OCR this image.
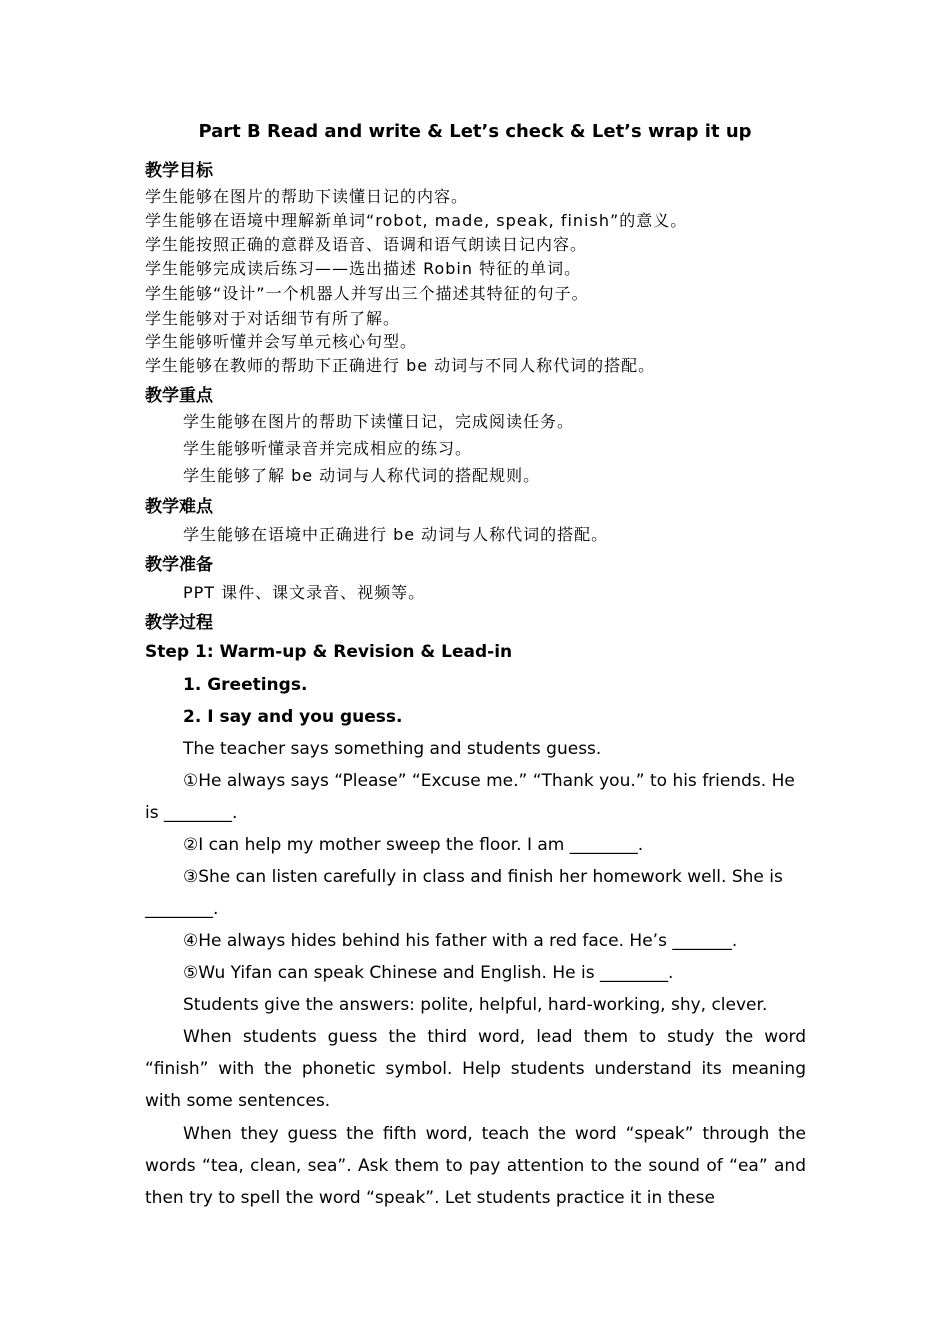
Part B Read and write & Let’s check & Let’s wrap it up
教学目标
学生能够在图片的帮助下读懂日记的内容。
学生能够在语境中理解新单词“robot, made, speak, finish”的意义。
学生能按照正确的意群及语音、语调和语气朗读日记内容。
学生能够完成读后练习——选出描述 Robin 特征的单词。
学生能够“设计”一个机器人并写出三个描述其特征的句子。
学生能够对于对话细节有所了解。
学生能够听懂并会写单元核心句型。
学生能够在教师的帮助下正确进行 be 动词与不同人称代词的搭配。
教学重点
学生能够在图片的帮助下读懂日记，完成阅读任务。
学生能够听懂录音并完成相应的练习。
学生能够了解 be 动词与人称代词的搭配规则。
教学难点
学生能够在语境中正确进行 be 动词与人称代词的搭配。
教学准备
PPT 课件、课文录音、视频等。
教学过程
Step 1: Warm-up & Revision & Lead-in
1. Greetings.
2. I say and you guess.
The teacher says something and students guess.
①He always says “Please” “Excuse me.” “Thank you.” to his friends. He
is ________.
②I can help my mother sweep the floor. I am ________.
③She can listen carefully in class and finish her homework well. She is
________.
④He always hides behind his father with a red face. He’s _______.
⑤Wu Yifan can speak Chinese and English. He is ________.
Students give the answers: polite, helpful, hard-working, shy, clever.
When students guess the third word, lead them to study the word “finish” with the phonetic symbol. Help students understand its meaning with some sentences.
When they guess the fifth word, teach the word “speak” through the words “tea, clean, sea”. Ask them to pay attention to the sound of “ea” and then try to spell the word “speak”. Let students practice it in these
